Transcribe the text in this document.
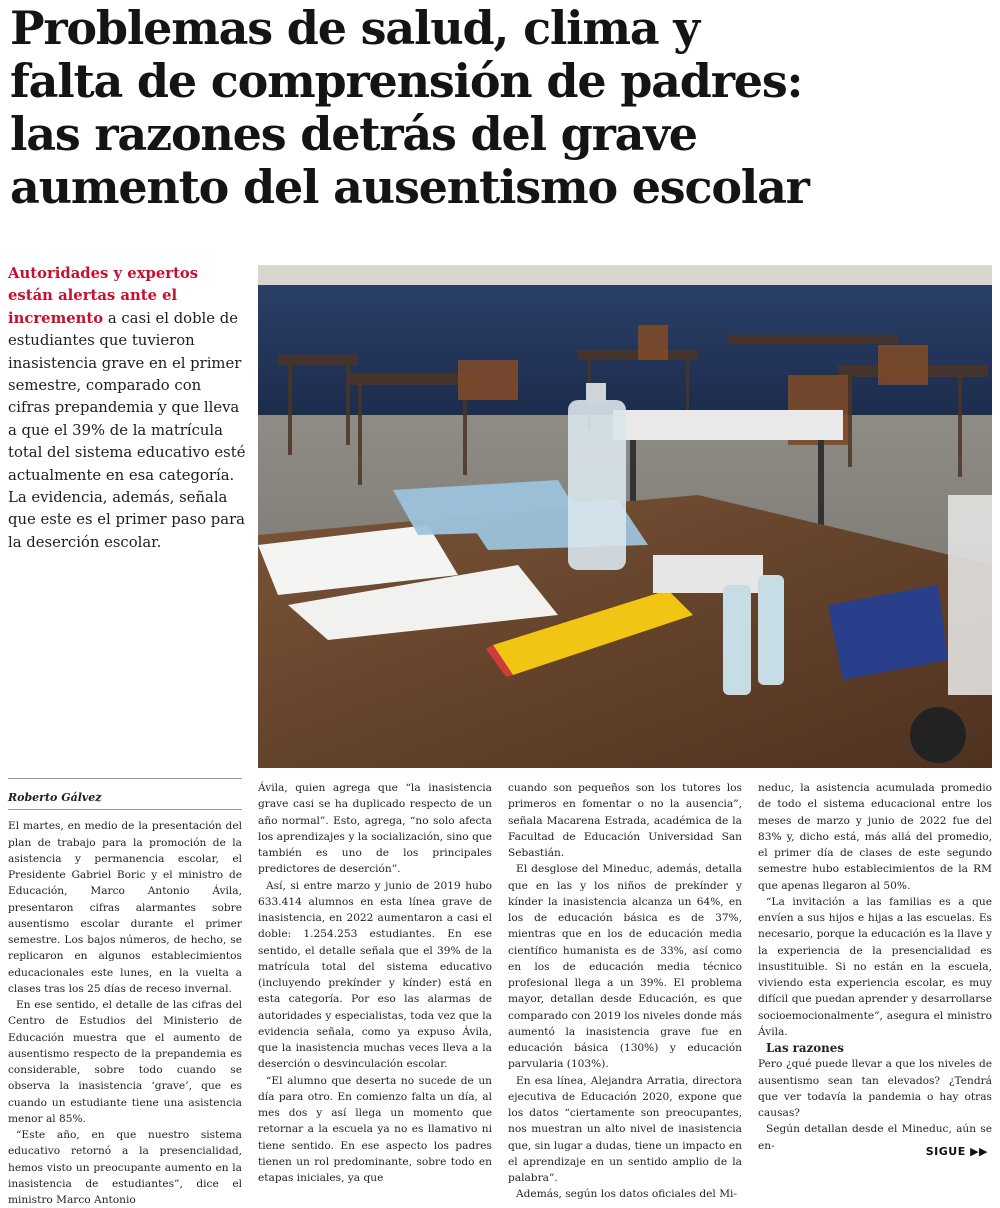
Problemas de salud, clima y
falta de comprensión de padres:
las razones detrás del grave
aumento del ausentismo escolar
Autoridades y expertos están alertas ante el incremento a casi el doble de estudiantes que tuvieron inasistencia grave en el primer semestre, comparado con cifras prepandemia y que lleva a que el 39% de la matrícula total del sistema educativo esté actualmente en esa categoría. La evidencia, además, señala que este es el primer paso para la deserción escolar.
Roberto Gálvez

El martes, en medio de la presentación del plan de trabajo para la promoción de la asistencia y permanencia escolar, el Presidente Gabriel Boric y el ministro de Educación, Marco Antonio Ávila, presentaron cifras alarmantes sobre ausentismo escolar durante el primer semestre. Los bajos números, de hecho, se replicaron en algunos establecimientos educacionales este lunes, en la vuelta a clases tras los 25 días de receso invernal.

En ese sentido, el detalle de las cifras del Centro de Estudios del Ministerio de Educación muestra que el aumento de ausentismo respecto de la prepandemia es considerable, sobre todo cuando se observa la inasistencia ‘grave’, que es cuando un estudiante tiene una asistencia menor al 85%.

“Este año, en que nuestro sistema educativo retornó a la presencialidad, hemos visto un preocupante aumento en la inasistencia de estudiantes”, dice el ministro Marco Antonio

Ávila, quien agrega que “la inasistencia grave casi se ha duplicado respecto de un año normal”. Esto, agrega, “no solo afecta los aprendizajes y la socialización, sino que también es uno de los principales predictores de deserción”.

Así, si entre marzo y junio de 2019 hubo 633.414 alumnos en esta línea grave de inasistencia, en 2022 aumentaron a casi el doble: 1.254.253 estudiantes. En ese sentido, el detalle señala que el 39% de la matrícula total del sistema educativo (incluyendo prekínder y kínder) está en esta categoría. Por eso las alarmas de autoridades y especialistas, toda vez que la evidencia señala, como ya expuso Ávila, que la inasistencia muchas veces lleva a la deserción o desvinculación escolar.

“El alumno que deserta no sucede de un día para otro. En comienzo falta un día, al mes dos y así llega un momento que retornar a la escuela ya no es llamativo ni tiene sentido. En ese aspecto los padres tienen un rol predominante, sobre todo en etapas iniciales, ya que

cuando son pequeños son los tutores los primeros en fomentar o no la ausencia”, señala Macarena Estrada, académica de la Facultad de Educación Universidad San Sebastián.

El desglose del Mineduc, además, detalla que en las y los niños de prekínder y kínder la inasistencia alcanza un 64%, en los de educación básica es de 37%, mientras que en los de educación media científico humanista es de 33%, así como en los de educación media técnico profesional llega a un 39%. El problema mayor, detallan desde Educación, es que comparado con 2019 los niveles donde más aumentó la inasistencia grave fue en educación básica (130%) y educación parvularia (103%).

En esa línea, Alejandra Arratia, directora ejecutiva de Educación 2020, expone que los datos “ciertamente son preocupantes, nos muestran un alto nivel de inasistencia que, sin lugar a dudas, tiene un impacto en el aprendizaje en un sentido amplio de la palabra”.

Además, según los datos oficiales del Mi-

neduc, la asistencia acumulada promedio de todo el sistema educacional entre los meses de marzo y junio de 2022 fue del 83% y, dicho está, más allá del promedio, el primer día de clases de este segundo semestre hubo establecimientos de la RM que apenas llegaron al 50%.

“La invitación a las familias es a que envíen a sus hijos e hijas a las escuelas. Es necesario, porque la educación es la llave y la experiencia de la presencialidad es insustituible. Si no están en la escuela, viviendo esta experiencia escolar, es muy difícil que puedan aprender y desarrollarse socioemocionalmente”, asegura el ministro Ávila.

Las razones

Pero ¿qué puede llevar a que los niveles de ausentismo sean tan elevados? ¿Tendrá que ver todavía la pandemia o hay otras causas?

Según detallan desde el Mineduc, aún se en-	SIGUE ▶▶
